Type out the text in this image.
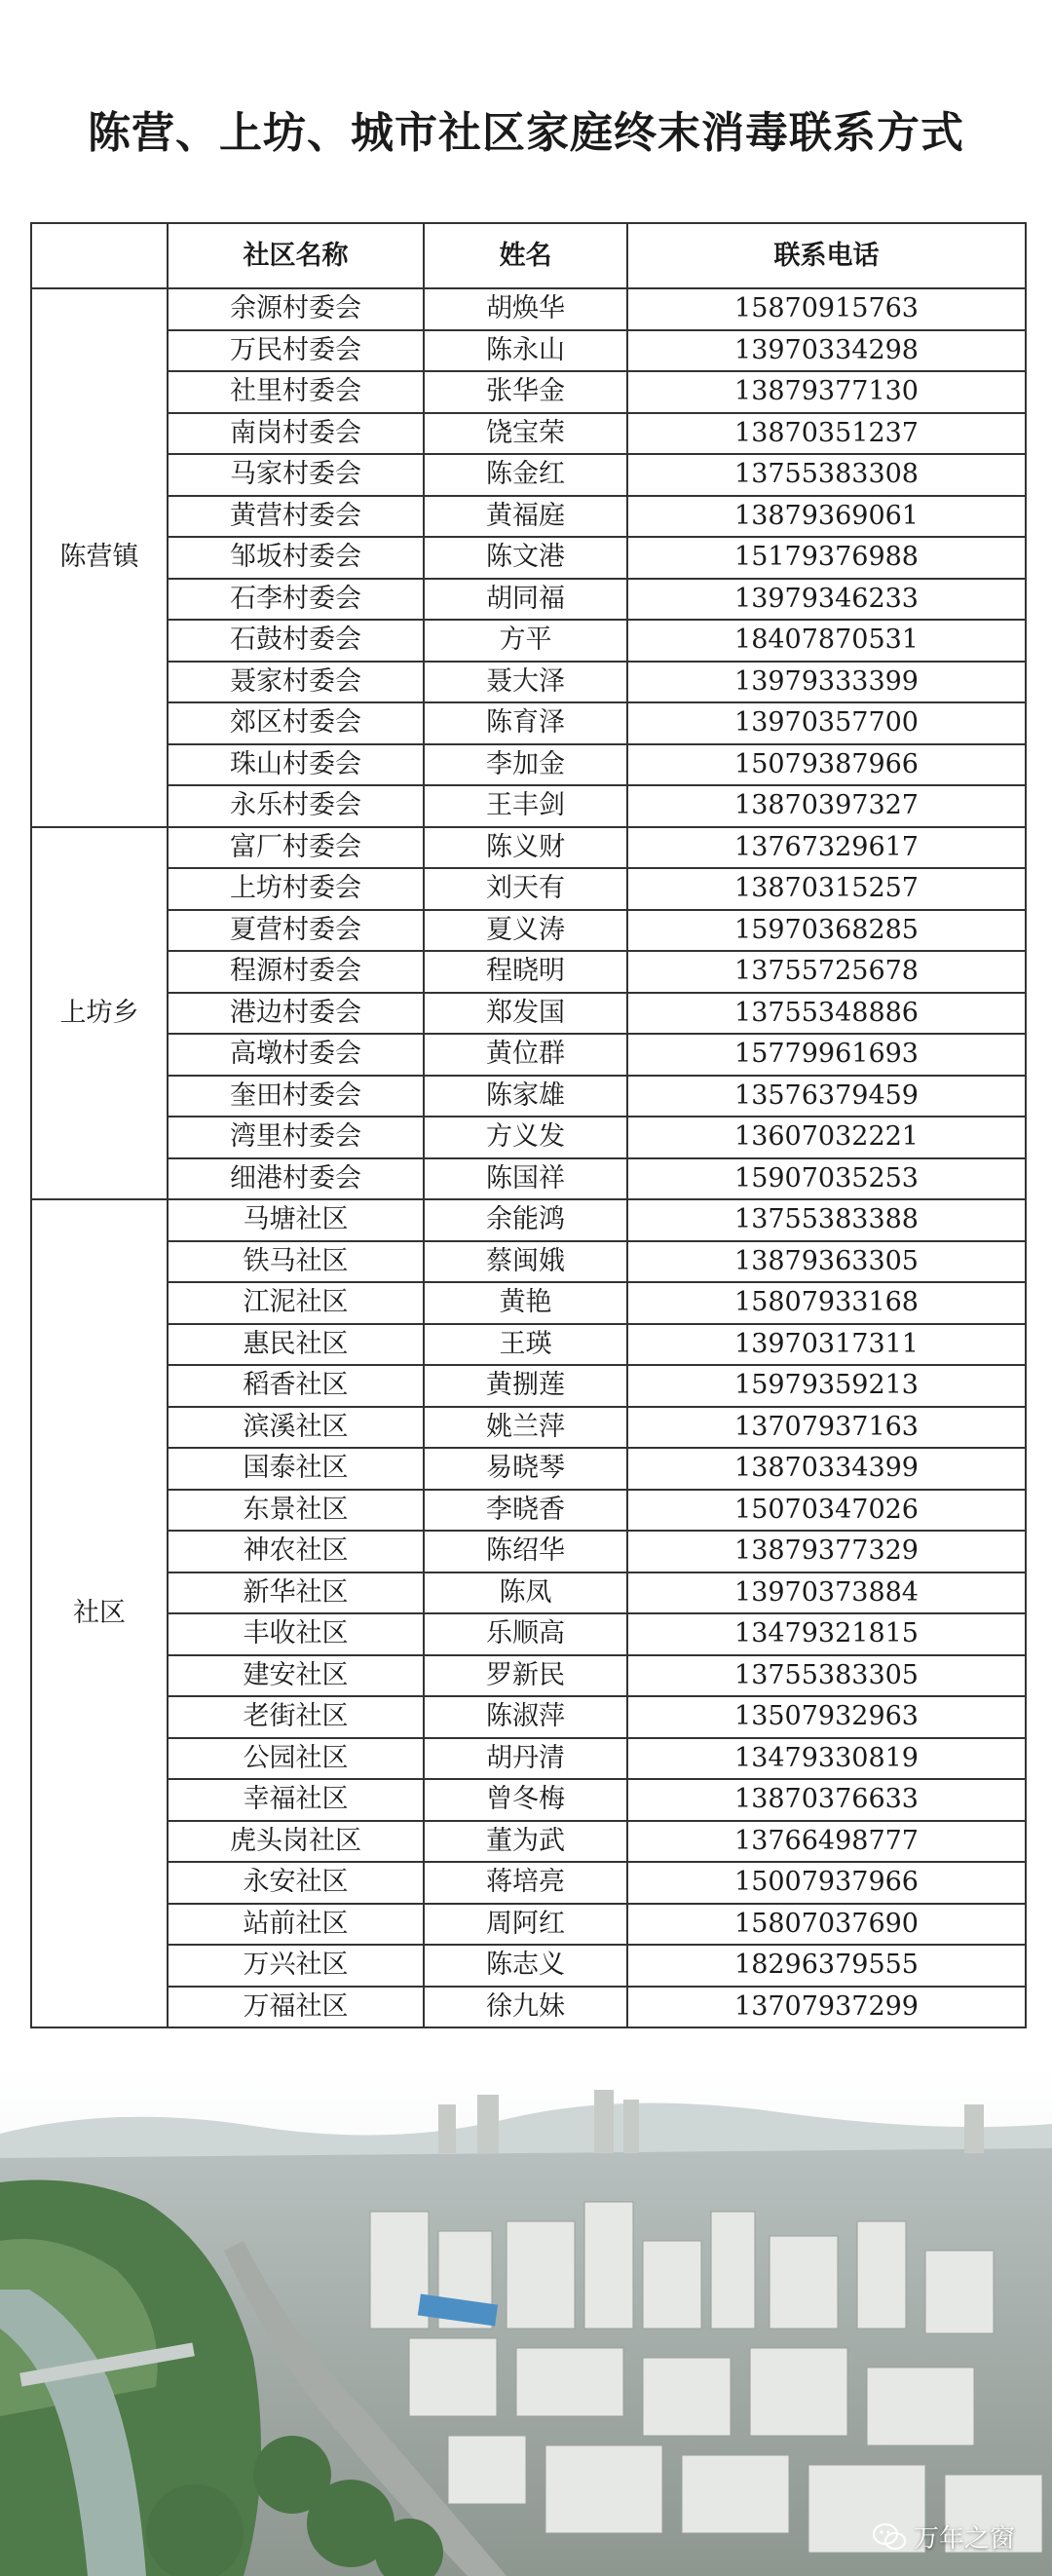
陈营、上坊、城市社区家庭终末消毒联系方式
	社区名称	姓名	联系电话
陈营镇	余源村委会	胡焕华	15870915763
	万民村委会	陈永山	13970334298
	社里村委会	张华金	13879377130
	南岗村委会	饶宝荣	13870351237
	马家村委会	陈金红	13755383308
	黄营村委会	黄福庭	13879369061
	邹坂村委会	陈文港	15179376988
	石李村委会	胡同福	13979346233
	石鼓村委会	方平	18407870531
	聂家村委会	聂大泽	13979333399
	郊区村委会	陈育泽	13970357700
	珠山村委会	李加金	15079387966
	永乐村委会	王丰剑	13870397327
上坊乡	富厂村委会	陈义财	13767329617
	上坊村委会	刘天有	13870315257
	夏营村委会	夏义涛	15970368285
	程源村委会	程晓明	13755725678
	港边村委会	郑发国	13755348886
	高墩村委会	黄位群	15779961693
	奎田村委会	陈家雄	13576379459
	湾里村委会	方义发	13607032221
	细港村委会	陈国祥	15907035253
社区	马塘社区	余能鸿	13755383388
	铁马社区	蔡闽娥	13879363305
	江泥社区	黄艳	15807933168
	惠民社区	王瑛	13970317311
	稻香社区	黄捌莲	15979359213
	滨溪社区	姚兰萍	13707937163
	国泰社区	易晓琴	13870334399
	东景社区	李晓香	15070347026
	神农社区	陈绍华	13879377329
	新华社区	陈凤	13970373884
	丰收社区	乐顺高	13479321815
	建安社区	罗新民	13755383305
	老街社区	陈淑萍	13507932963
	公园社区	胡丹清	13479330819
	幸福社区	曾冬梅	13870376633
	虎头岗社区	董为武	13766498777
	永安社区	蒋培亮	15007937966
	站前社区	周阿红	15807037690
	万兴社区	陈志义	18296379555
	万福社区	徐九妹	13707937299
万年之窗
